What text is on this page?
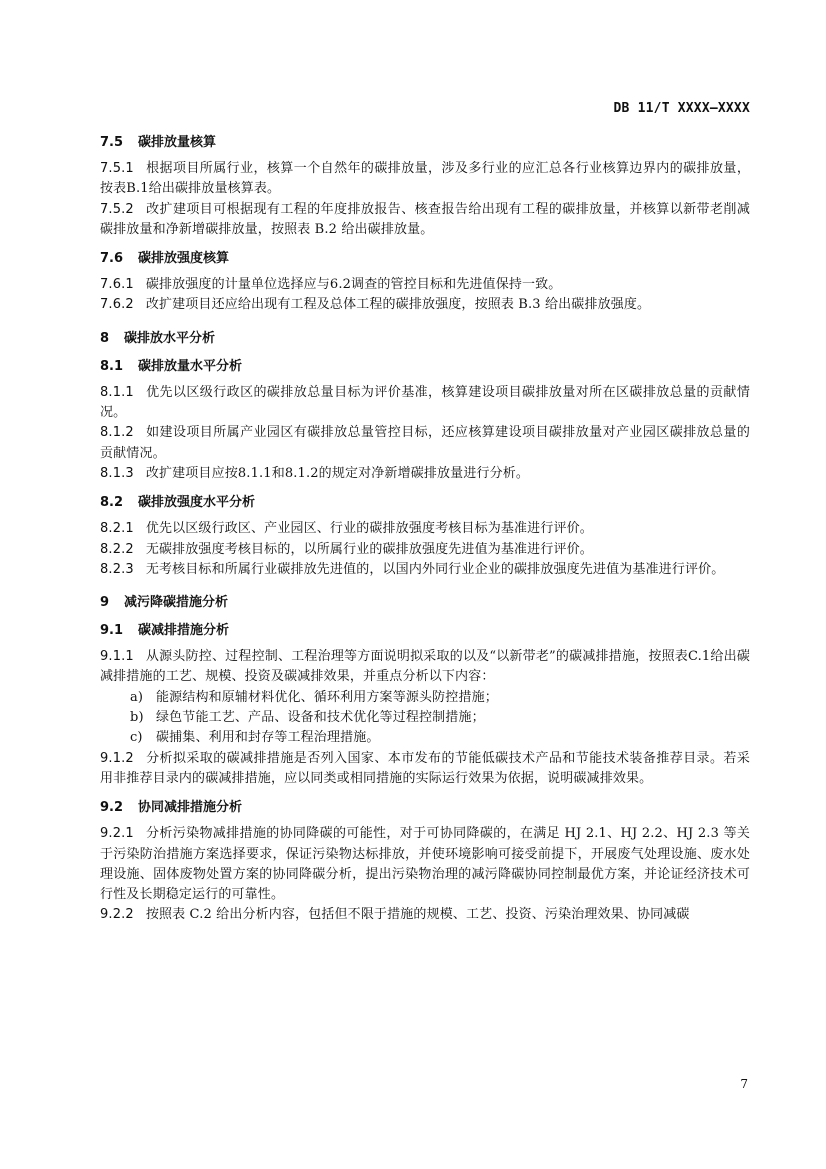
DB 11/T XXXX—XXXX
7.5 碳排放量核算
7.5.1 根据项目所属行业，核算一个自然年的碳排放量，涉及多行业的应汇总各行业核算边界内的碳排放量，按表B.1给出碳排放量核算表。
7.5.2 改扩建项目可根据现有工程的年度排放报告、核查报告给出现有工程的碳排放量，并核算以新带老削减碳排放量和净新增碳排放量，按照表 B.2 给出碳排放量。
7.6 碳排放强度核算
7.6.1 碳排放强度的计量单位选择应与6.2调查的管控目标和先进值保持一致。
7.6.2 改扩建项目还应给出现有工程及总体工程的碳排放强度，按照表 B.3 给出碳排放强度。
8 碳排放水平分析
8.1 碳排放量水平分析
8.1.1 优先以区级行政区的碳排放总量目标为评价基准，核算建设项目碳排放量对所在区碳排放总量的贡献情况。
8.1.2 如建设项目所属产业园区有碳排放总量管控目标，还应核算建设项目碳排放量对产业园区碳排放总量的贡献情况。
8.1.3 改扩建项目应按8.1.1和8.1.2的规定对净新增碳排放量进行分析。
8.2 碳排放强度水平分析
8.2.1 优先以区级行政区、产业园区、行业的碳排放强度考核目标为基准进行评价。
8.2.2 无碳排放强度考核目标的，以所属行业的碳排放强度先进值为基准进行评价。
8.2.3 无考核目标和所属行业碳排放先进值的，以国内外同行业企业的碳排放强度先进值为基准进行评价。
9 减污降碳措施分析
9.1 碳减排措施分析
9.1.1 从源头防控、过程控制、工程治理等方面说明拟采取的以及“以新带老”的碳减排措施，按照表C.1给出碳减排措施的工艺、规模、投资及碳减排效果，并重点分析以下内容：
a) 能源结构和原辅材料优化、循环利用方案等源头防控措施；
b) 绿色节能工艺、产品、设备和技术优化等过程控制措施；
c) 碳捕集、利用和封存等工程治理措施。
9.1.2 分析拟采取的碳减排措施是否列入国家、本市发布的节能低碳技术产品和节能技术装备推荐目录。若采用非推荐目录内的碳减排措施，应以同类或相同措施的实际运行效果为依据，说明碳减排效果。
9.2 协同减排措施分析
9.2.1 分析污染物减排措施的协同降碳的可能性，对于可协同降碳的，在满足 HJ 2.1、HJ 2.2、HJ 2.3 等关于污染防治措施方案选择要求，保证污染物达标排放，并使环境影响可接受前提下，开展废气处理设施、废水处理设施、固体废物处置方案的协同降碳分析，提出污染物治理的减污降碳协同控制最优方案，并论证经济技术可行性及长期稳定运行的可靠性。
9.2.2 按照表 C.2 给出分析内容，包括但不限于措施的规模、工艺、投资、污染治理效果、协同减碳
7
